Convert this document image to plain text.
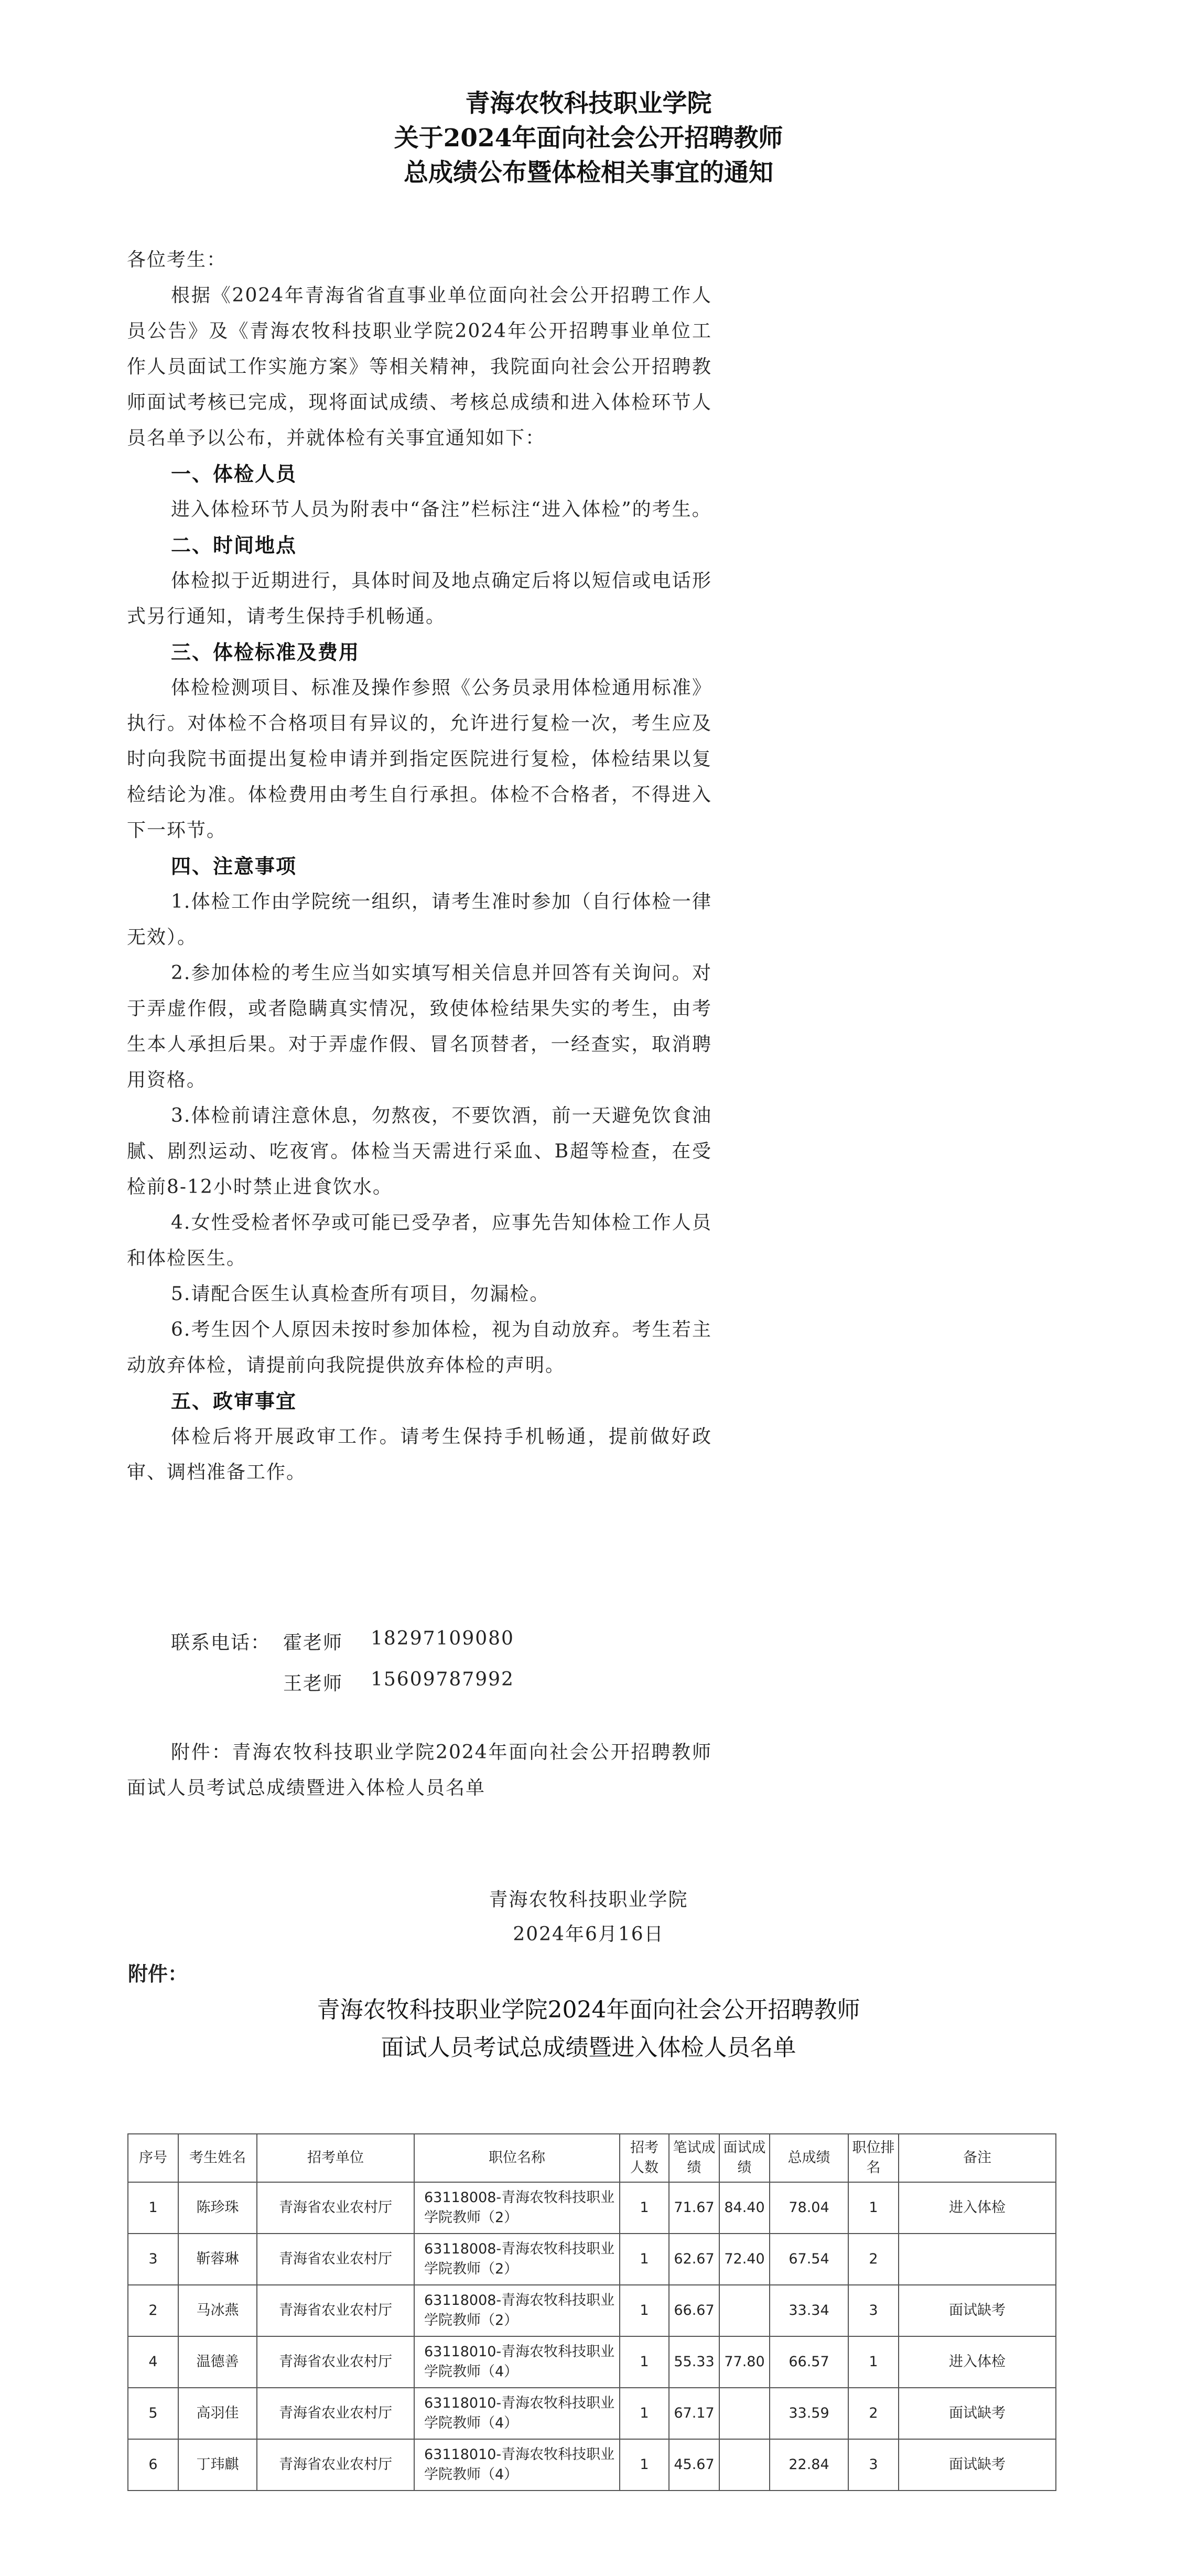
青海农牧科技职业学院
关于2024年面向社会公开招聘教师
总成绩公布暨体检相关事宜的通知

各位考生：

根据《2024年青海省省直事业单位面向社会公开招聘工作人员公告》及《青海农牧科技职业学院2024年公开招聘事业单位工作人员面试工作实施方案》等相关精神，我院面向社会公开招聘教师面试考核已完成，现将面试成绩、考核总成绩和进入体检环节人员名单予以公布，并就体检有关事宜通知如下：

一、体检人员

进入体检环节人员为附表中“备注”栏标注“进入体检”的考生。

二、时间地点

体检拟于近期进行，具体时间及地点确定后将以短信或电话形式另行通知，请考生保持手机畅通。

三、体检标准及费用

体检检测项目、标准及操作参照《公务员录用体检通用标准》执行。对体检不合格项目有异议的，允许进行复检一次，考生应及时向我院书面提出复检申请并到指定医院进行复检，体检结果以复检结论为准。体检费用由考生自行承担。体检不合格者，不得进入下一环节。

四、注意事项

1.体检工作由学院统一组织，请考生准时参加（自行体检一律无效）。

2.参加体检的考生应当如实填写相关信息并回答有关询问。对于弄虚作假，或者隐瞒真实情况，致使体检结果失实的考生，由考生本人承担后果。对于弄虚作假、冒名顶替者，一经查实，取消聘用资格。

3.体检前请注意休息，勿熬夜，不要饮酒，前一天避免饮食油腻、剧烈运动、吃夜宵。体检当天需进行采血、B超等检查，在受检前8-12小时禁止进食饮水。

4.女性受检者怀孕或可能已受孕者，应事先告知体检工作人员和体检医生。

5.请配合医生认真检查所有项目，勿漏检。

6.考生因个人原因未按时参加体检，视为自动放弃。考生若主动放弃体检，请提前向我院提供放弃体检的声明。

五、政审事宜

体检后将开展政审工作。请考生保持手机畅通，提前做好政审、调档准备工作。

联系电话： 霍老师 18297109080
王老师 15609787992

附件：青海农牧科技职业学院2024年面向社会公开招聘教师面试人员考试总成绩暨进入体检人员名单

青海农牧科技职业学院
2024年6月16日
附件：
青海农牧科技职业学院2024年面向社会公开招聘教师
面试人员考试总成绩暨进入体检人员名单
序号	考生姓名	招考单位	职位名称	招考人数	笔试成绩	面试成绩	总成绩	职位排名	备注
1	陈珍珠	青海省农业农村厅	63118008-青海农牧科技职业学院教师（2）	1	71.67	84.40	78.04	1	进入体检
3	靳蓉琳	青海省农业农村厅	63118008-青海农牧科技职业学院教师（2）	1	62.67	72.40	67.54	2	
2	马冰燕	青海省农业农村厅	63118008-青海农牧科技职业学院教师（2）	1	66.67		33.34	3	面试缺考
4	温德善	青海省农业农村厅	63118010-青海农牧科技职业学院教师（4）	1	55.33	77.80	66.57	1	进入体检
5	高羽佳	青海省农业农村厅	63118010-青海农牧科技职业学院教师（4）	1	67.17		33.59	2	面试缺考
6	丁玮麒	青海省农业农村厅	63118010-青海农牧科技职业学院教师（4）	1	45.67		22.84	3	面试缺考
